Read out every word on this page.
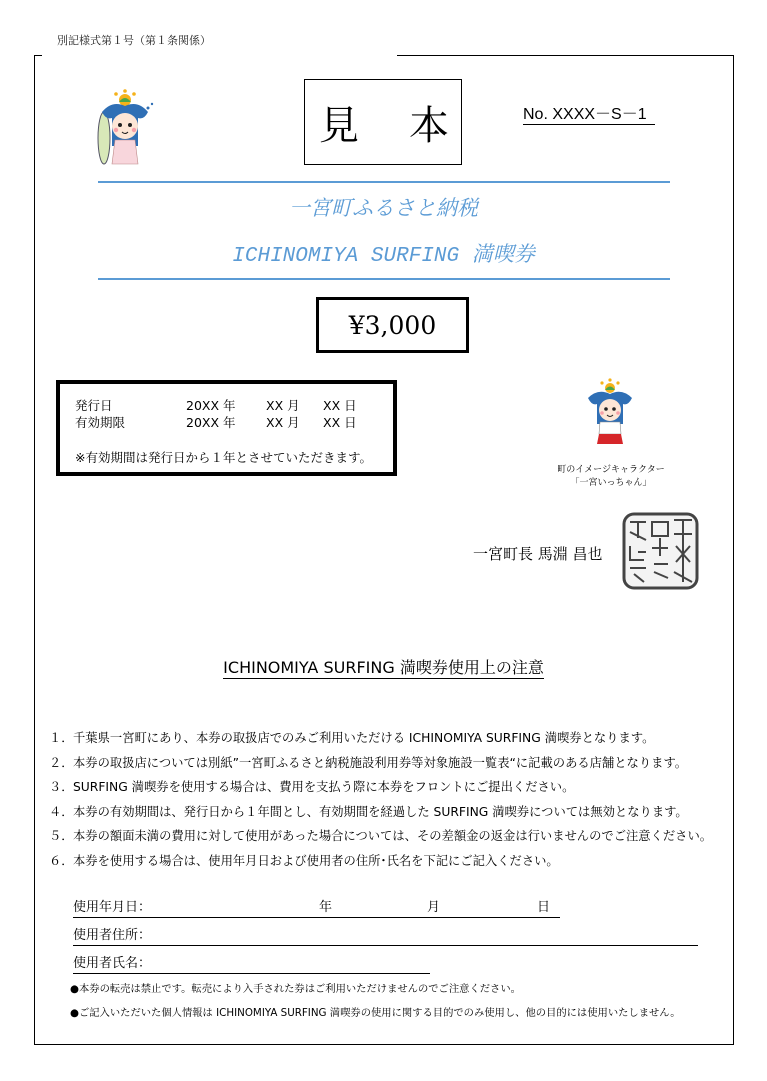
別記様式第１号（第１条関係）
見 本	No. XXXX－S－1
一宮町ふるさと納税
ICHINOMIYA SURFING 満喫券
¥3,000
発行日	20XX 年	XX 月	XX 日
有効期限	20XX 年	XX 月	XX 日
※有効期間は発行日から１年とさせていただきます。
町のイメージキャラクター
「一宮いっちゃん」
一宮町長 馬淵 昌也
ICHINOMIYA SURFING 満喫券使用上の注意
１．千葉県一宮町にあり、本券の取扱店でのみご利用いただける ICHINOMIYA SURFING 満喫券となります。
２．本券の取扱店については別紙”一宮町ふるさと納税施設利用券等対象施設一覧表“に記載のある店舗となります。
３．SURFING 満喫券を使用する場合は、費用を支払う際に本券をフロントにご提出ください。
４．本券の有効期間は、発行日から１年間とし、有効期間を経過した SURFING 満喫券については無効となります。
５．本券の額面未満の費用に対して使用があった場合については、その差額金の返金は行いませんのでご注意ください。
６．本券を使用する場合は、使用年月日および使用者の住所･氏名を下記にご記入ください。
使用年月日：	年	月	日
使用者住所：
使用者氏名：
●本券の転売は禁止です。転売により入手された券はご利用いただけませんのでご注意ください。
●ご記入いただいた個人情報は ICHINOMIYA SURFING 満喫券の使用に関する目的でのみ使用し、他の目的には使用いたしません。
